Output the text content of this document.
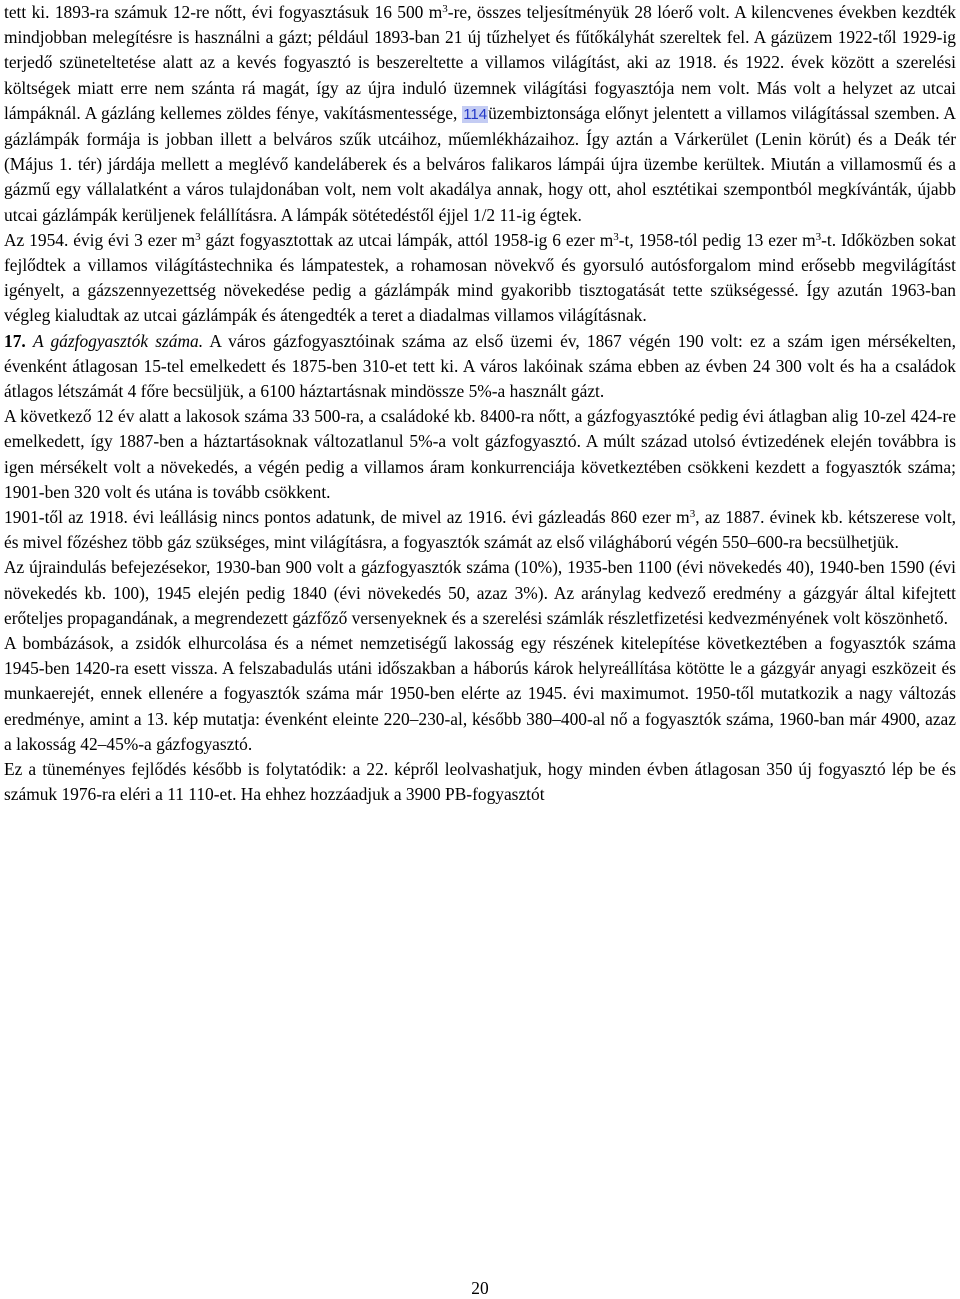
tett ki. 1893-ra számuk 12-re nőtt, évi fogyasztásuk 16 500 $m^3-re$, összes teljesítményük 28 lóerő volt. A kilencvenes években kezdték mindjobban melegítésre is használni a gázt; például 1893-ban 21 új tűzhelyet és fűtőkályhát szereltek fel. A gázüzem 1922-től 1929-ig terjedő szüneteltetése alatt az a kevés fogyasztó is beszereltette a villamos világítást, aki az 1918. és 1922. évek között a szerelési költségek miatt erre nem szánta rá magát, így az újra induló üzemnek világítási fogyasztója nem volt. Más volt a helyzet az utcai lámpáknál. A gázláng kellemes zöldes fénye, vakításmentessége, 114üzembiztonsága előnyt jelentett a villamos világítással szemben. A gázlámpák formája is jobban illett a belváros szűk utcáihoz, műemlékházaihoz. Így aztán a Várkerület (Lenin körút) és a Deák tér (Május 1. tér) járdája mellett a meglévő kandeláberek és a belváros falikaros lámpái újra üzembe kerültek. Miután a villamosmű és a gázmű egy vállalatként a város tulajdonában volt, nem volt akadálya annak, hogy ott, ahol esztétikai szempontból megkívánták, újabb utcai gázlámpák kerüljenek felállításra. A lámpák sötétedéstől éjjel 1/2 11-ig égtek.

Az 1954. évig évi 3 ezer $m^3$ gázt fogyasztottak az utcai lámpák, attól 1958-ig 6 ezer $m^3-t$, 1958-tól pedig 13 ezer $m^3-t$. Időközben sokat fejlődtek a villamos világítástechnika és lámpatestek, a rohamosan növekvő és gyorsuló autósforgalom mind erősebb megvilágítást igényelt, a gázszennyezettség növekedése pedig a gázlámpák mind gyakoribb tisztogatását tette szükségessé. Így azután 1963-ban végleg kialudtak az utcai gázlámpák és átengedték a teret a diadalmas villamos világításnak.

17. A gázfogyasztók száma. A város gázfogyasztóinak száma az első üzemi év, 1867 végén 190 volt: ez a szám igen mérsékelten, évenként átlagosan 15-tel emelkedett és 1875-ben 310-et tett ki. A város lakóinak száma ebben az évben 24 300 volt és ha a családok átlagos létszámát 4 főre becsüljük, a 6100 háztartásnak mindössze 5%-a használt gázt.

A következő 12 év alatt a lakosok száma 33 500-ra, a családoké kb. 8400-ra nőtt, a gázfogyasztóké pedig évi átlagban alig 10-zel 424-re emelkedett, így 1887-ben a háztartásoknak változatlanul 5%-a volt gázfogyasztó. A múlt század utolsó évtizedének elején továbbra is igen mérsékelt volt a növekedés, a végén pedig a villamos áram konkurrenciája következtében csökkeni kezdett a fogyasztók száma; 1901-ben 320 volt és utána is tovább csökkent.

1901-től az 1918. évi leállásig nincs pontos adatunk, de mivel az 1916. évi gázleadás 860 ezer $m^3$, az 1887. évinek kb. kétszerese volt, és mivel főzéshez több gáz szükséges, mint világításra, a fogyasztók számát az első világháború végén 550–600-ra becsülhetjük.

Az újraindulás befejezésekor, 1930-ban 900 volt a gázfogyasztók száma (10%), 1935-ben 1100 (évi növekedés 40), 1940-ben 1590 (évi növekedés kb. 100), 1945 elején pedig 1840 (évi növekedés 50, azaz 3%). Az aránylag kedvező eredmény a gázgyár által kifejtett erőteljes propagandának, a megrendezett gázfőző versenyeknek és a szerelési számlák részletfizetési kedvezményének volt köszönhető.

A bombázások, a zsidók elhurcolása és a német nemzetiségű lakosság egy részének kitelepítése következtében a fogyasztók száma 1945-ben 1420-ra esett vissza. A felszabadulás utáni időszakban a háborús károk helyreállítása kötötte le a gázgyár anyagi eszközeit és munkaerejét, ennek ellenére a fogyasztók száma már 1950-ben elérte az 1945. évi maximumot. 1950-től mutatkozik a nagy változás eredménye, amint a 13. kép mutatja: évenként eleinte 220–230-al, később 380–400-al nő a fogyasztók száma, 1960-ban már 4900, azaz a lakosság 42–45%-a gázfogyasztó.

Ez a tüneményes fejlődés később is folytatódik: a 22. képről leolvashatjuk, hogy minden évben átlagosan 350 új fogyasztó lép be és számuk 1976-ra eléri a 11 110-et. Ha ehhez hozzáadjuk a 3900 PB-fogyasztót

20
